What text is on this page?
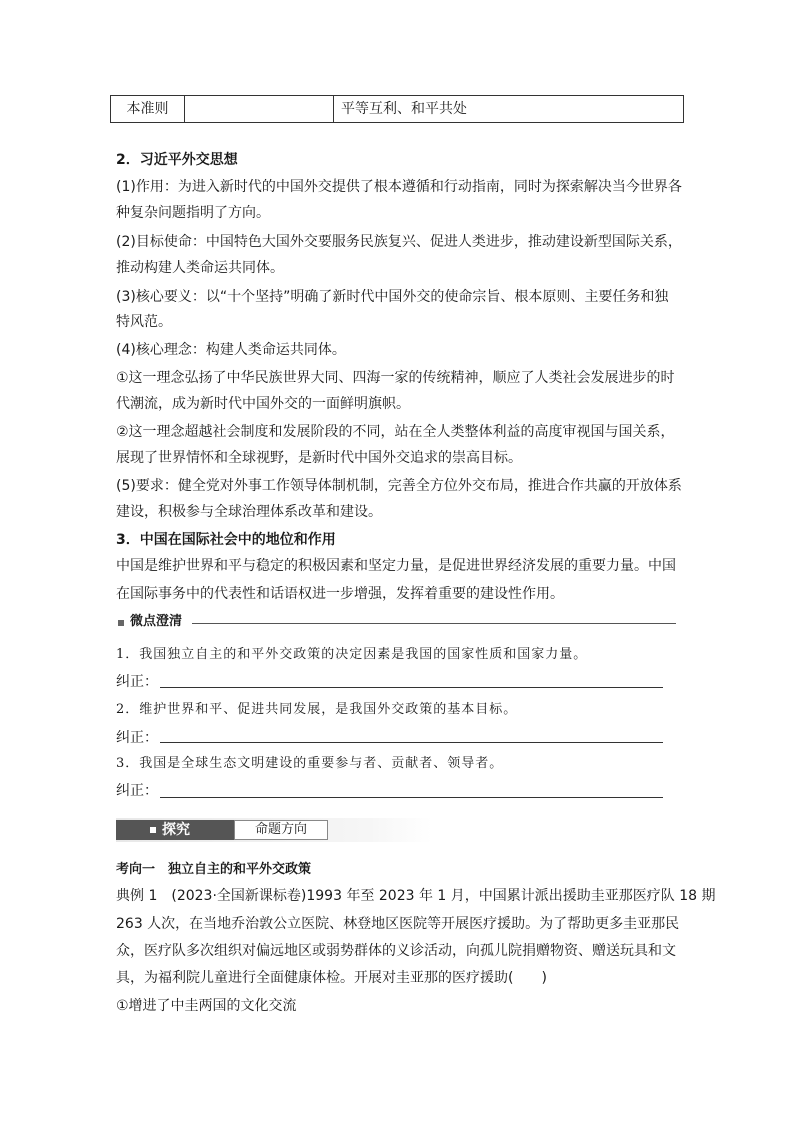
本准则	平等互利、和平共处
2．习近平外交思想
(1)作用：为进入新时代的中国外交提供了根本遵循和行动指南，同时为探索解决当今世界各
种复杂问题指明了方向。
(2)目标使命：中国特色大国外交要服务民族复兴、促进人类进步，推动建设新型国际关系，
推动构建人类命运共同体。
(3)核心要义：以“十个坚持”明确了新时代中国外交的使命宗旨、根本原则、主要任务和独
特风范。
(4)核心理念：构建人类命运共同体。
①这一理念弘扬了中华民族世界大同、四海一家的传统精神，顺应了人类社会发展进步的时
代潮流，成为新时代中国外交的一面鲜明旗帜。
②这一理念超越社会制度和发展阶段的不同，站在全人类整体利益的高度审视国与国关系，
展现了世界情怀和全球视野，是新时代中国外交追求的崇高目标。
(5)要求：健全党对外事工作领导体制机制，完善全方位外交布局，推进合作共赢的开放体系
建设，积极参与全球治理体系改革和建设。
3．中国在国际社会中的地位和作用
中国是维护世界和平与稳定的积极因素和坚定力量，是促进世界经济发展的重要力量。中国
在国际事务中的代表性和话语权进一步增强，发挥着重要的建设性作用。
微点澄清
1．我国独立自主的和平外交政策的决定因素是我国的国家性质和国家力量。
纠正：
2．维护世界和平、促进共同发展，是我国外交政策的基本目标。
纠正：
3．我国是全球生态文明建设的重要参与者、贡献者、领导者。
纠正：
探究	命题方向
考向一　独立自主的和平外交政策
典例 1　(2023·全国新课标卷)1993 年至 2023 年 1 月，中国累计派出援助圭亚那医疗队 18 期
263 人次，在当地乔治敦公立医院、林登地区医院等开展医疗援助。为了帮助更多圭亚那民
众，医疗队多次组织对偏远地区或弱势群体的义诊活动，向孤儿院捐赠物资、赠送玩具和文
具，为福利院儿童进行全面健康体检。开展对圭亚那的医疗援助(　　)
①增进了中圭两国的文化交流
